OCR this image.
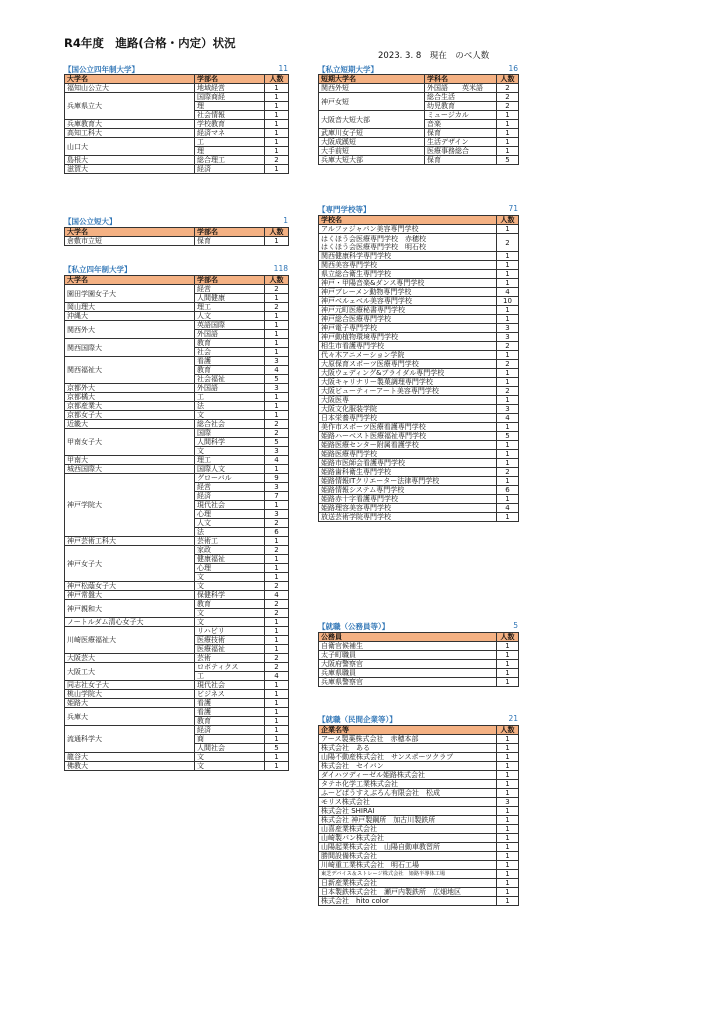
R4年度　進路(合格・内定）状況
2023. 3. 8　現在　のべ人数
【国公立四年制大学】	11
大学名	学部名	人数
福知山公立大	地域経営	1
兵庫県立大	国際商経	1
	理	1
	社会情報	1
兵庫教育大	学校教育	1
高知工科大	経済マネ	1
山口大	工	1
	理	1
島根大	総合理工	2
滋賀大	経済	1
【国公立短大】	1
大学名	学部名	人数
倉敷市立短	保育	1
【私立四年制大学】	118
大学名	学部名	人数
園田学園女子大	経営	2
	人間健康	1
岡山理大	理工	2
沖縄大	人文	1
関西外大	英語国際	1
	外国語	1
関西国際大	教育	1
	社会	1
関西福祉大	看護	3
	教育	4
	社会福祉	5
京都外大	外国語	3
京都橘大	工	1
京都産業大	法	1
京都女子大	文	1
近畿大	総合社会	2
甲南女子大	国際	2
	人間科学	5
	文	3
甲南大	理工	4
城西国際大	国際人文	1
神戸学院大	グローバル	9
	経営	3
	経済	7
	現代社会	1
	心理	3
	人文	2
	法	6
神戸芸術工科大	芸術工	1
神戸女子大	家政	2
	健康福祉	1
	心理	1
	文	1
神戸松蔭女子大	文	2
神戸常盤大	保健科学	4
神戸親和大	教育	2
	文	2
ノートルダム清心女子大	文	1
川崎医療福祉大	リハビリ	1
	医療技術	1
	医療福祉	1
大阪芸大	芸術	2
大阪工大	ロボティクス	2
	工	4
同志社女子大	現代社会	1
桃山学院大	ビジネス	1
姫路大	看護	1
兵庫大	看護	1
	教育	1
流通科学大	経済	1
	商	1
	人間社会	5
龍谷大	文	1
佛教大	文	1
【私立短期大学】	16
短期大学名	学科名	人数
関西外短	外国語　　英米語	2
神戸女短	総合生活	2
	幼児教育	2
大阪音大短大部	ミュージカル	1
	音楽	1
武庫川女子短	保育	1
大阪成蹊短	生活デザイン	1
大手前短	医療事務総合	1
兵庫大短大部	保育	5
【専門学校等】	71
学校名	人数
アルファジャパン美容専門学校	1
はくほう会医療専門学校　赤穂校
はくほう会医療専門学校　明石校	2
関西健康科学専門学校	1
関西美容専門学校	1
県立総合衛生専門学校	1
神戸・甲陽音楽&ダンス専門学校	1
神戸ブレーメン動物専門学校	4
神戸ベルェベル美容専門学校	10
神戸元町医療秘書専門学校	1
神戸総合医療専門学校	1
神戸電子専門学校	3
神戸動植物環境専門学校	3
相生市看護専門学校	2
代々木アニメーション学院	1
大原保育スポーツ医療専門学校	2
大阪ウェディング&ブライダル専門学校	1
大阪キャリナリー製菓調理専門学校	1
大阪ビューティーアート美容専門学校	2
大阪医専	1
大阪文化服装学院	3
日本栄養専門学校	4
美作市スポーツ医療看護専門学校	1
姫路ハーベスト医療福祉専門学校	5
姫路医療センター附属看護学校	1
姫路医療専門学校	1
姫路市医師会看護専門学校	1
姫路歯科衛生専門学校	2
姫路情報ITクリエーター法律専門学校	1
姫路情報システム専門学校	6
姫路赤十字看護専門学校	1
姫路理容美容専門学校	4
放送芸術学院専門学校	1
【就職（公務員等）】	5
公務員	人数
自衛官候補生	1
太子町職員	1
大阪府警察官	1
兵庫県職員	1
兵庫県警察官	1
【就職（民間企業等）】	21
企業名等	人数
アース製薬株式会社　赤穂本部	1
株式会社　ある	1
山陽不動産株式会社　サンスポーツクラブ	1
株式会社　セイバン	1
ダイハツディーゼル姫路株式会社	1
タテホ化学工業株式会社	1
ふーどぱうすえぶろん有限会社　松成	1
モリス株式会社	3
株式会社 SHIRAI	1
株式会社 神戸製鋼所　加古川製鉄所	1
山喜産業株式会社	1
山崎製パン株式会社	1
山陽起業株式会社　山陽自動車教習所	1
勝間設備株式会社	1
川崎重工業株式会社　明石工場	1
東芝デバイス＆ストレージ株式会社　姫路半導体工場	1
日新産業株式会社	1
日本製鉄株式会社　瀬戸内製鉄所　広畑地区	1
株式会社　hito color	1
